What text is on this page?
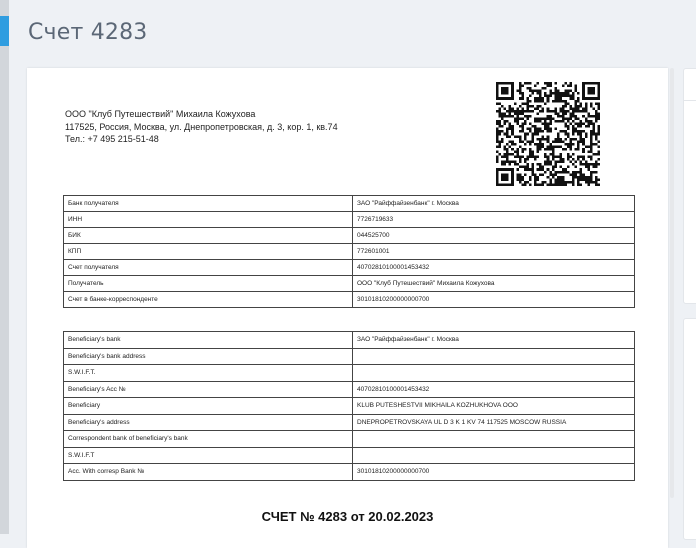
Счет 4283
ООО "Клуб Путешествий" Михаила Кожухова
117525, Россия, Москва, ул. Днепропетровская, д. 3, кор. 1, кв.74
Тел.: +7 495 215-51-48
Банк получателя	ЗАО "Райффайзенбанк" г. Москва
ИНН	7726719633
БИК	044525700
КПП	772601001
Счет получателя	40702810100001453432
Получатель	ООО "Клуб Путешествий" Михаила Кожухова
Счет в банке-корреспонденте	30101810200000000700
Beneficiary's bank	ЗАО "Райффайзенбанк" г. Москва
Beneficiary's bank address	
S.W.I.F.T.	
Beneficiary's Acc №	40702810100001453432
Beneficiary	KLUB PUTESHESTVII MIKHAILA KOZHUKHOVA OOO
Beneficiary's address	DNEPROPETROVSKAYA UL D 3 K 1 KV 74 117525 MOSCOW RUSSIA
Correspondent bank of beneficiary's bank	
S.W.I.F.T	
Acc. With corresp Bank №	30101810200000000700
СЧЕТ № 4283 от 20.02.2023
